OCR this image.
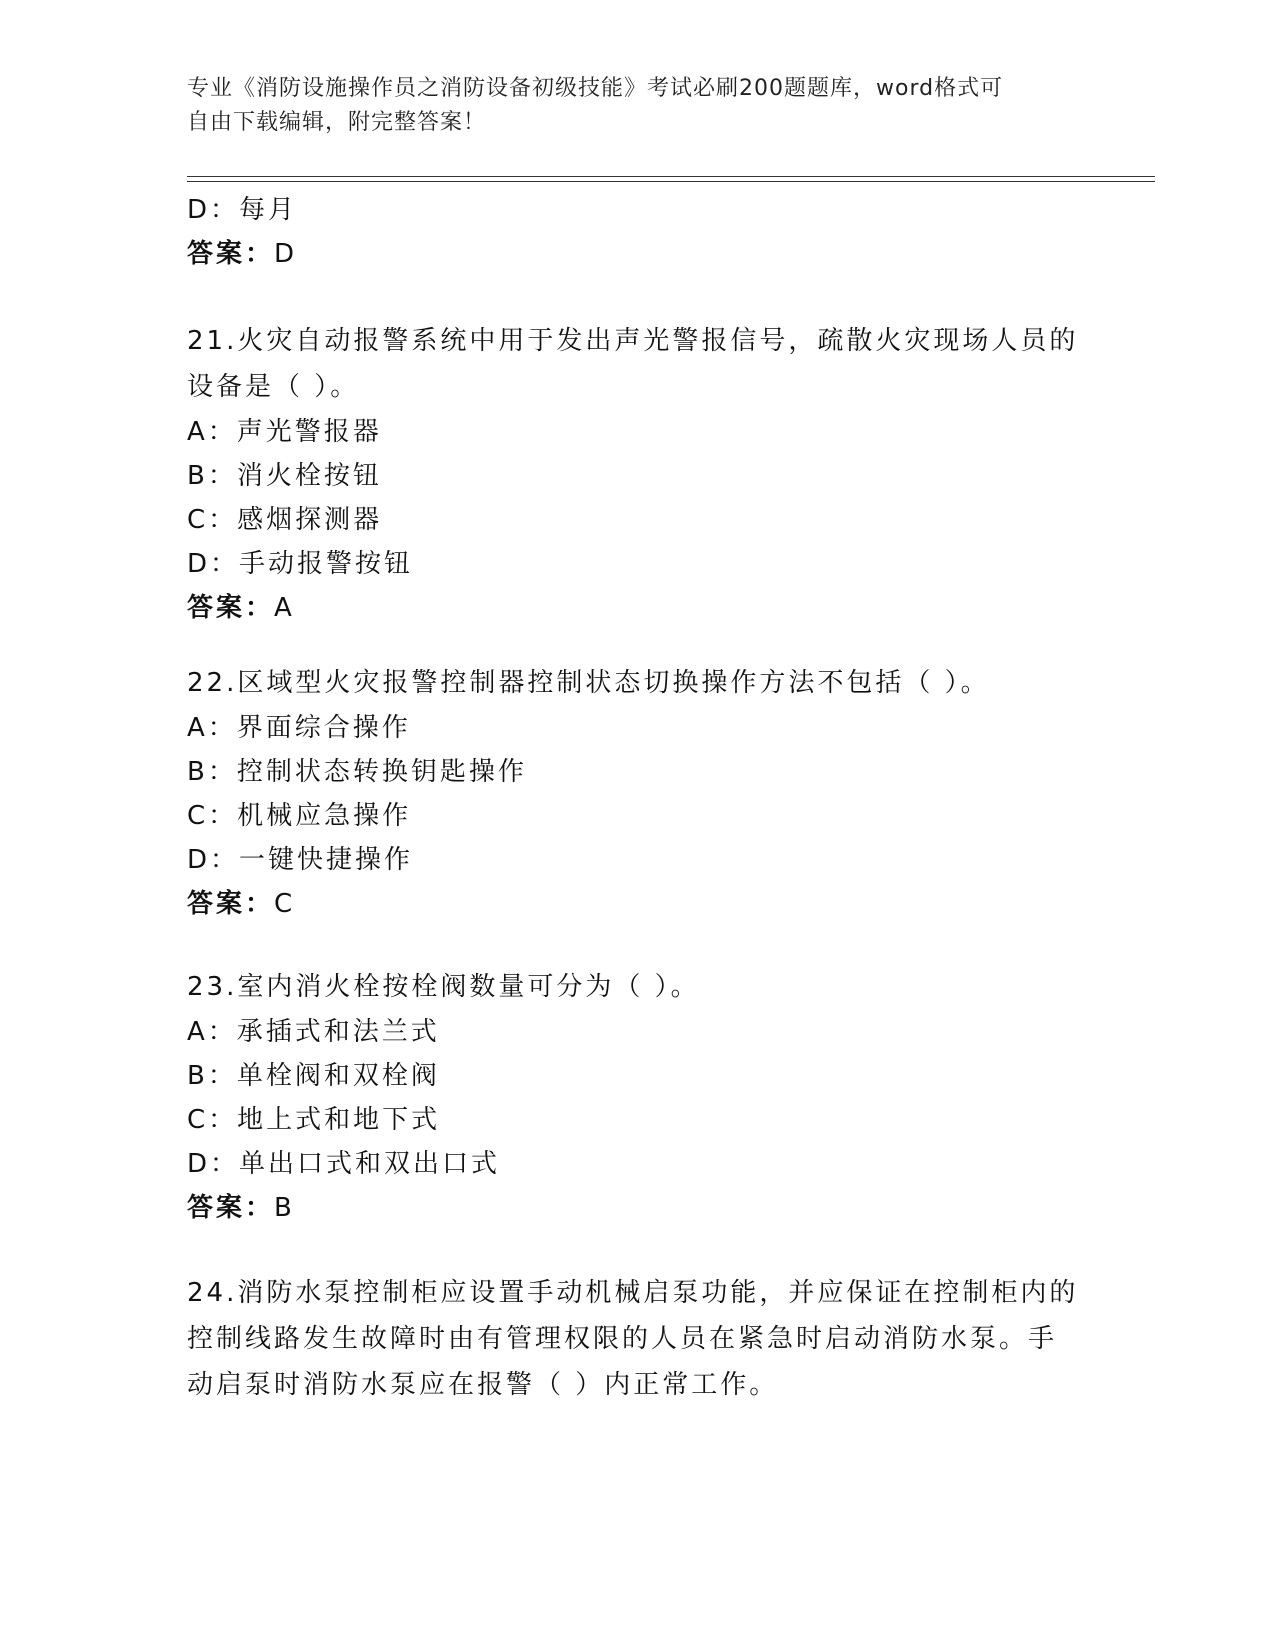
专业《消防设施操作员之消防设备初级技能》考试必刷200题题库，word格式可
自由下载编辑，附完整答案！
D：每月
答案：D
21.火灾自动报警系统中用于发出声光警报信号，疏散火灾现场人员的
设备是（ ）。
A：声光警报器
B：消火栓按钮
C：感烟探测器
D：手动报警按钮
答案：A
22.区域型火灾报警控制器控制状态切换操作方法不包括（ ）。
A：界面综合操作
B：控制状态转换钥匙操作
C：机械应急操作
D：一键快捷操作
答案：C
23.室内消火栓按栓阀数量可分为（ ）。
A：承插式和法兰式
B：单栓阀和双栓阀
C：地上式和地下式
D：单出口式和双出口式
答案：B
24.消防水泵控制柜应设置手动机械启泵功能，并应保证在控制柜内的
控制线路发生故障时由有管理权限的人员在紧急时启动消防水泵。手
动启泵时消防水泵应在报警（ ）内正常工作。
